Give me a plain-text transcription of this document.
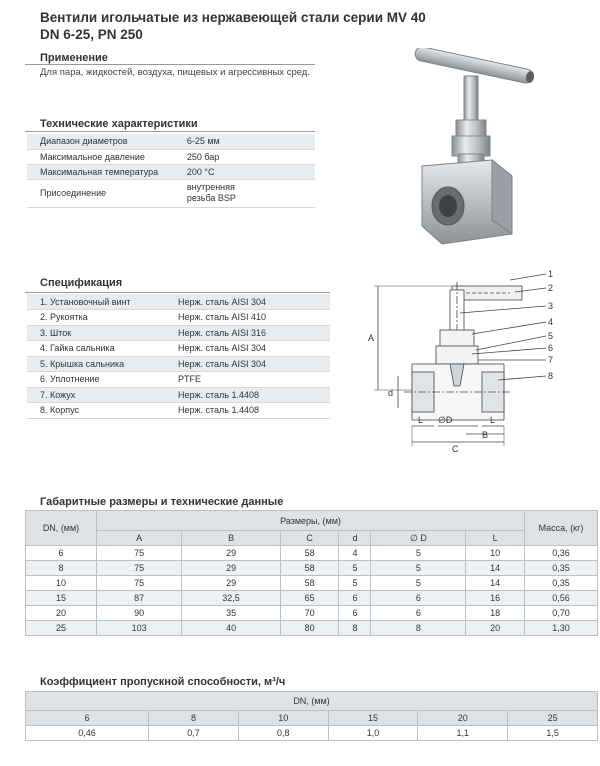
Вентили игольчатые из нержавеющей стали серии MV 40
DN 6-25, PN 250
Применение
Для пара, жидкостей, воздуха, пищевых и агрессивных сред.
Технические характеристики
Диапазон диаметров	6-25 мм
Максимальное давление	250 бар
Максимальная температура	200 °С
Присоединение	внутренняя резьба BSP
Спецификация
1. Установочный винт	Нерж. сталь AISI 304
2. Рукоятка	Нерж. сталь AISI 410
3. Шток	Нерж. сталь AISI 316
4. Гайка сальника	Нерж. сталь AISI 304
5. Крышка сальника	Нерж. сталь AISI 304
6. Уплотнение	PTFE
7. Кожух	Нерж. сталь 1.4408
8. Корпус	Нерж. сталь 1.4408
1
2
3
4
5
6
7
8
A
d
∅D
L	L
B
C
Габаритные размеры и технические данные
DN, (мм)	Размеры, (мм)						Масса, (кг)
	A	B	C	d	∅ D	L	
6	75	29	58	4	5	10	0,36
8	75	29	58	5	5	14	0,35
10	75	29	58	5	5	14	0,35
15	87	32,5	65	6	6	16	0,56
20	90	35	70	6	6	18	0,70
25	103	40	80	8	8	20	1,30
Коэффициент пропускной способности, м³/ч
DN, (мм)					
6	8	10	15	20	25
0,46	0,7	0,8	1,0	1,1	1,5
